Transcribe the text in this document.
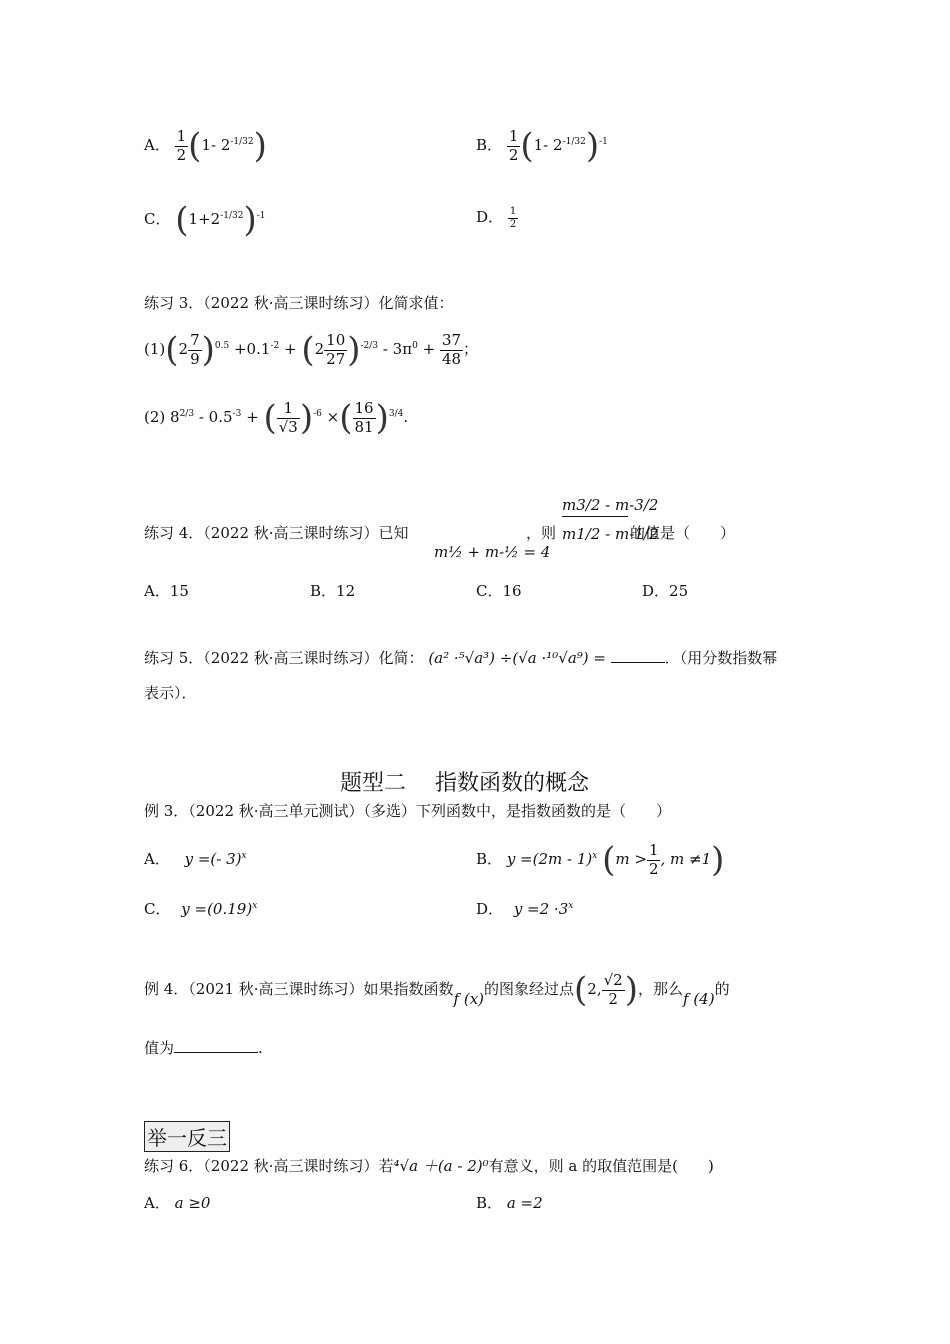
A． $\frac{1}{2} (1-$ $2^{-1/32}$)	B． $\frac{1}{2} (1-$ $2^{-1/32})^{-1}$
C． $(1+2^{-1/32})^{-1}$	D． $\frac{1}{2}$
练习 3．（2022 秋·高三课时练习）化简求值：
$(1)(2 \frac{7}{9} )^{0.5} +0.1^{-2} + (2 \frac{10}{27} )^{-2/3} - 3\pi^0 + \frac{37}{48}$ ；
(2) $8^{2/3} - 0.5^{-3}$ + ( $\frac{1}{√3} )^{-6}$ ×( $\frac{16}{81} )^{3/4}$.
练习 4．（2022 秋·高三课时练习）已知
m½ + m-½ = 4
，则 $\frac{m3/2 - m-3/2}{m1/2 - m-1/2}$ 的值是（　　）
A．15	B．12	C．16	D．25
练习 5．（2022 秋·高三课时练习）化简： (a² ·⁵√a³) ÷(√a ·¹⁰√a⁹) =	．（用分数指数幂
表示）．
题型二　 指数函数的概念
例 3．（2022 秋·高三单元测试）（多选）下列函数中，是指数函数的是（　　）
A． y =(- 3)$^x$	B． y =(2m - 1)$^x$ ($m > \frac{1}{2}$ , m ≠1)
C． $y =(0.19)^x$	D． $y =2 \cdot 3^x$
例 4．（2021 秋·高三课时练习）如果指数函数f (x)的图象经过点(2, $\frac{√2}{2}$ )，那么f (4)的
值为	.
举一反三
练习 6．（2022 秋·高三课时练习）若⁴√a ＋(a - 2)⁰有意义，则 a 的取值范围是(　　)
A． a ≥0	B． a =2
